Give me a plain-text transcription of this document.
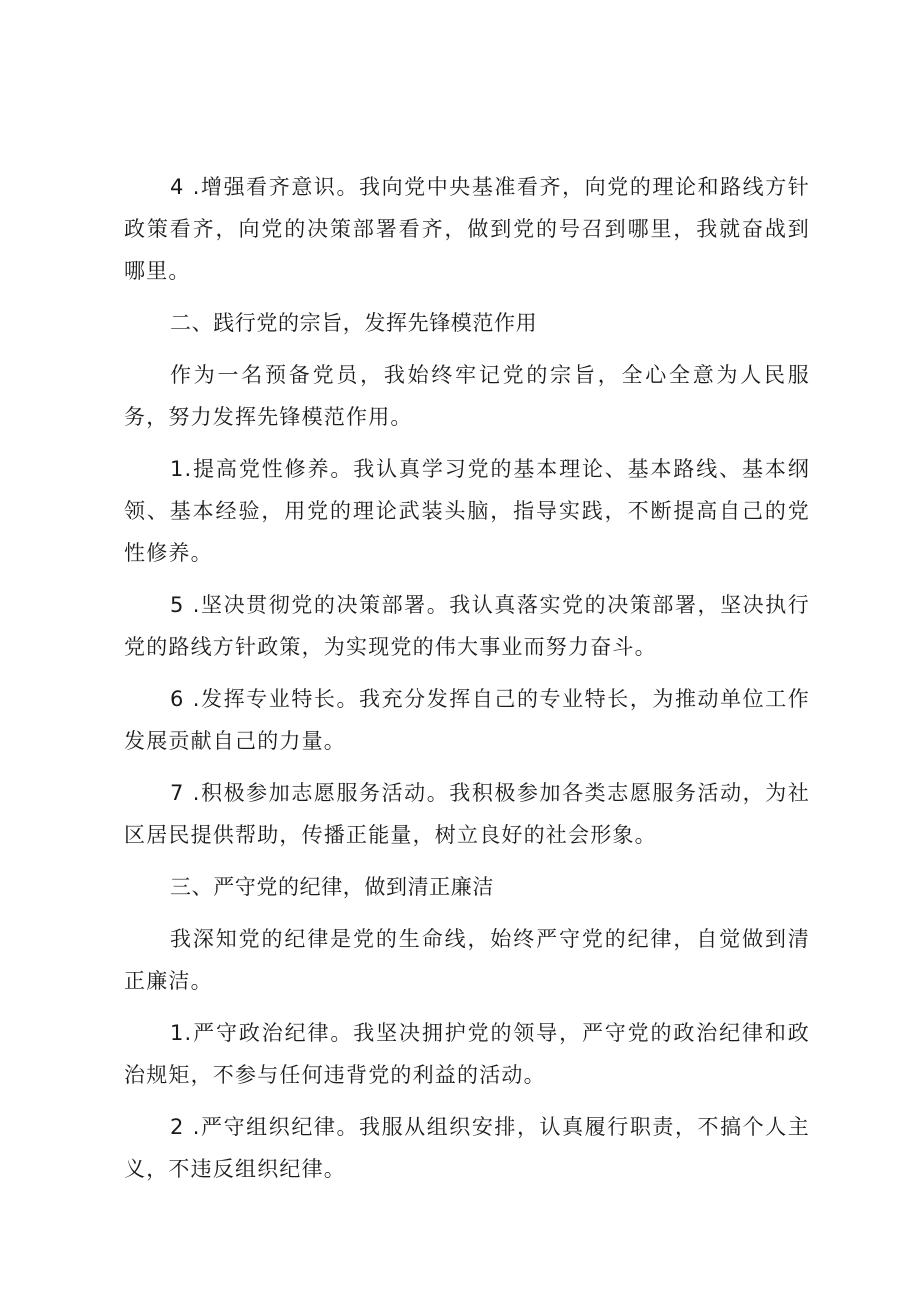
4 .增强看齐意识。我向党中央基准看齐，向党的理论和路线方针政策看齐，向党的决策部署看齐，做到党的号召到哪里，我就奋战到哪里。

二、践行党的宗旨，发挥先锋模范作用

作为一名预备党员，我始终牢记党的宗旨，全心全意为人民服务，努力发挥先锋模范作用。

1.提高党性修养。我认真学习党的基本理论、基本路线、基本纲领、基本经验，用党的理论武装头脑，指导实践，不断提高自己的党性修养。

5 .坚决贯彻党的决策部署。我认真落实党的决策部署，坚决执行党的路线方针政策，为实现党的伟大事业而努力奋斗。

6 .发挥专业特长。我充分发挥自己的专业特长，为推动单位工作发展贡献自己的力量。

7 .积极参加志愿服务活动。我积极参加各类志愿服务活动，为社区居民提供帮助，传播正能量，树立良好的社会形象。

三、严守党的纪律，做到清正廉洁

我深知党的纪律是党的生命线，始终严守党的纪律，自觉做到清正廉洁。

1.严守政治纪律。我坚决拥护党的领导，严守党的政治纪律和政治规矩，不参与任何违背党的利益的活动。

2 .严守组织纪律。我服从组织安排，认真履行职责，不搞个人主义，不违反组织纪律。
